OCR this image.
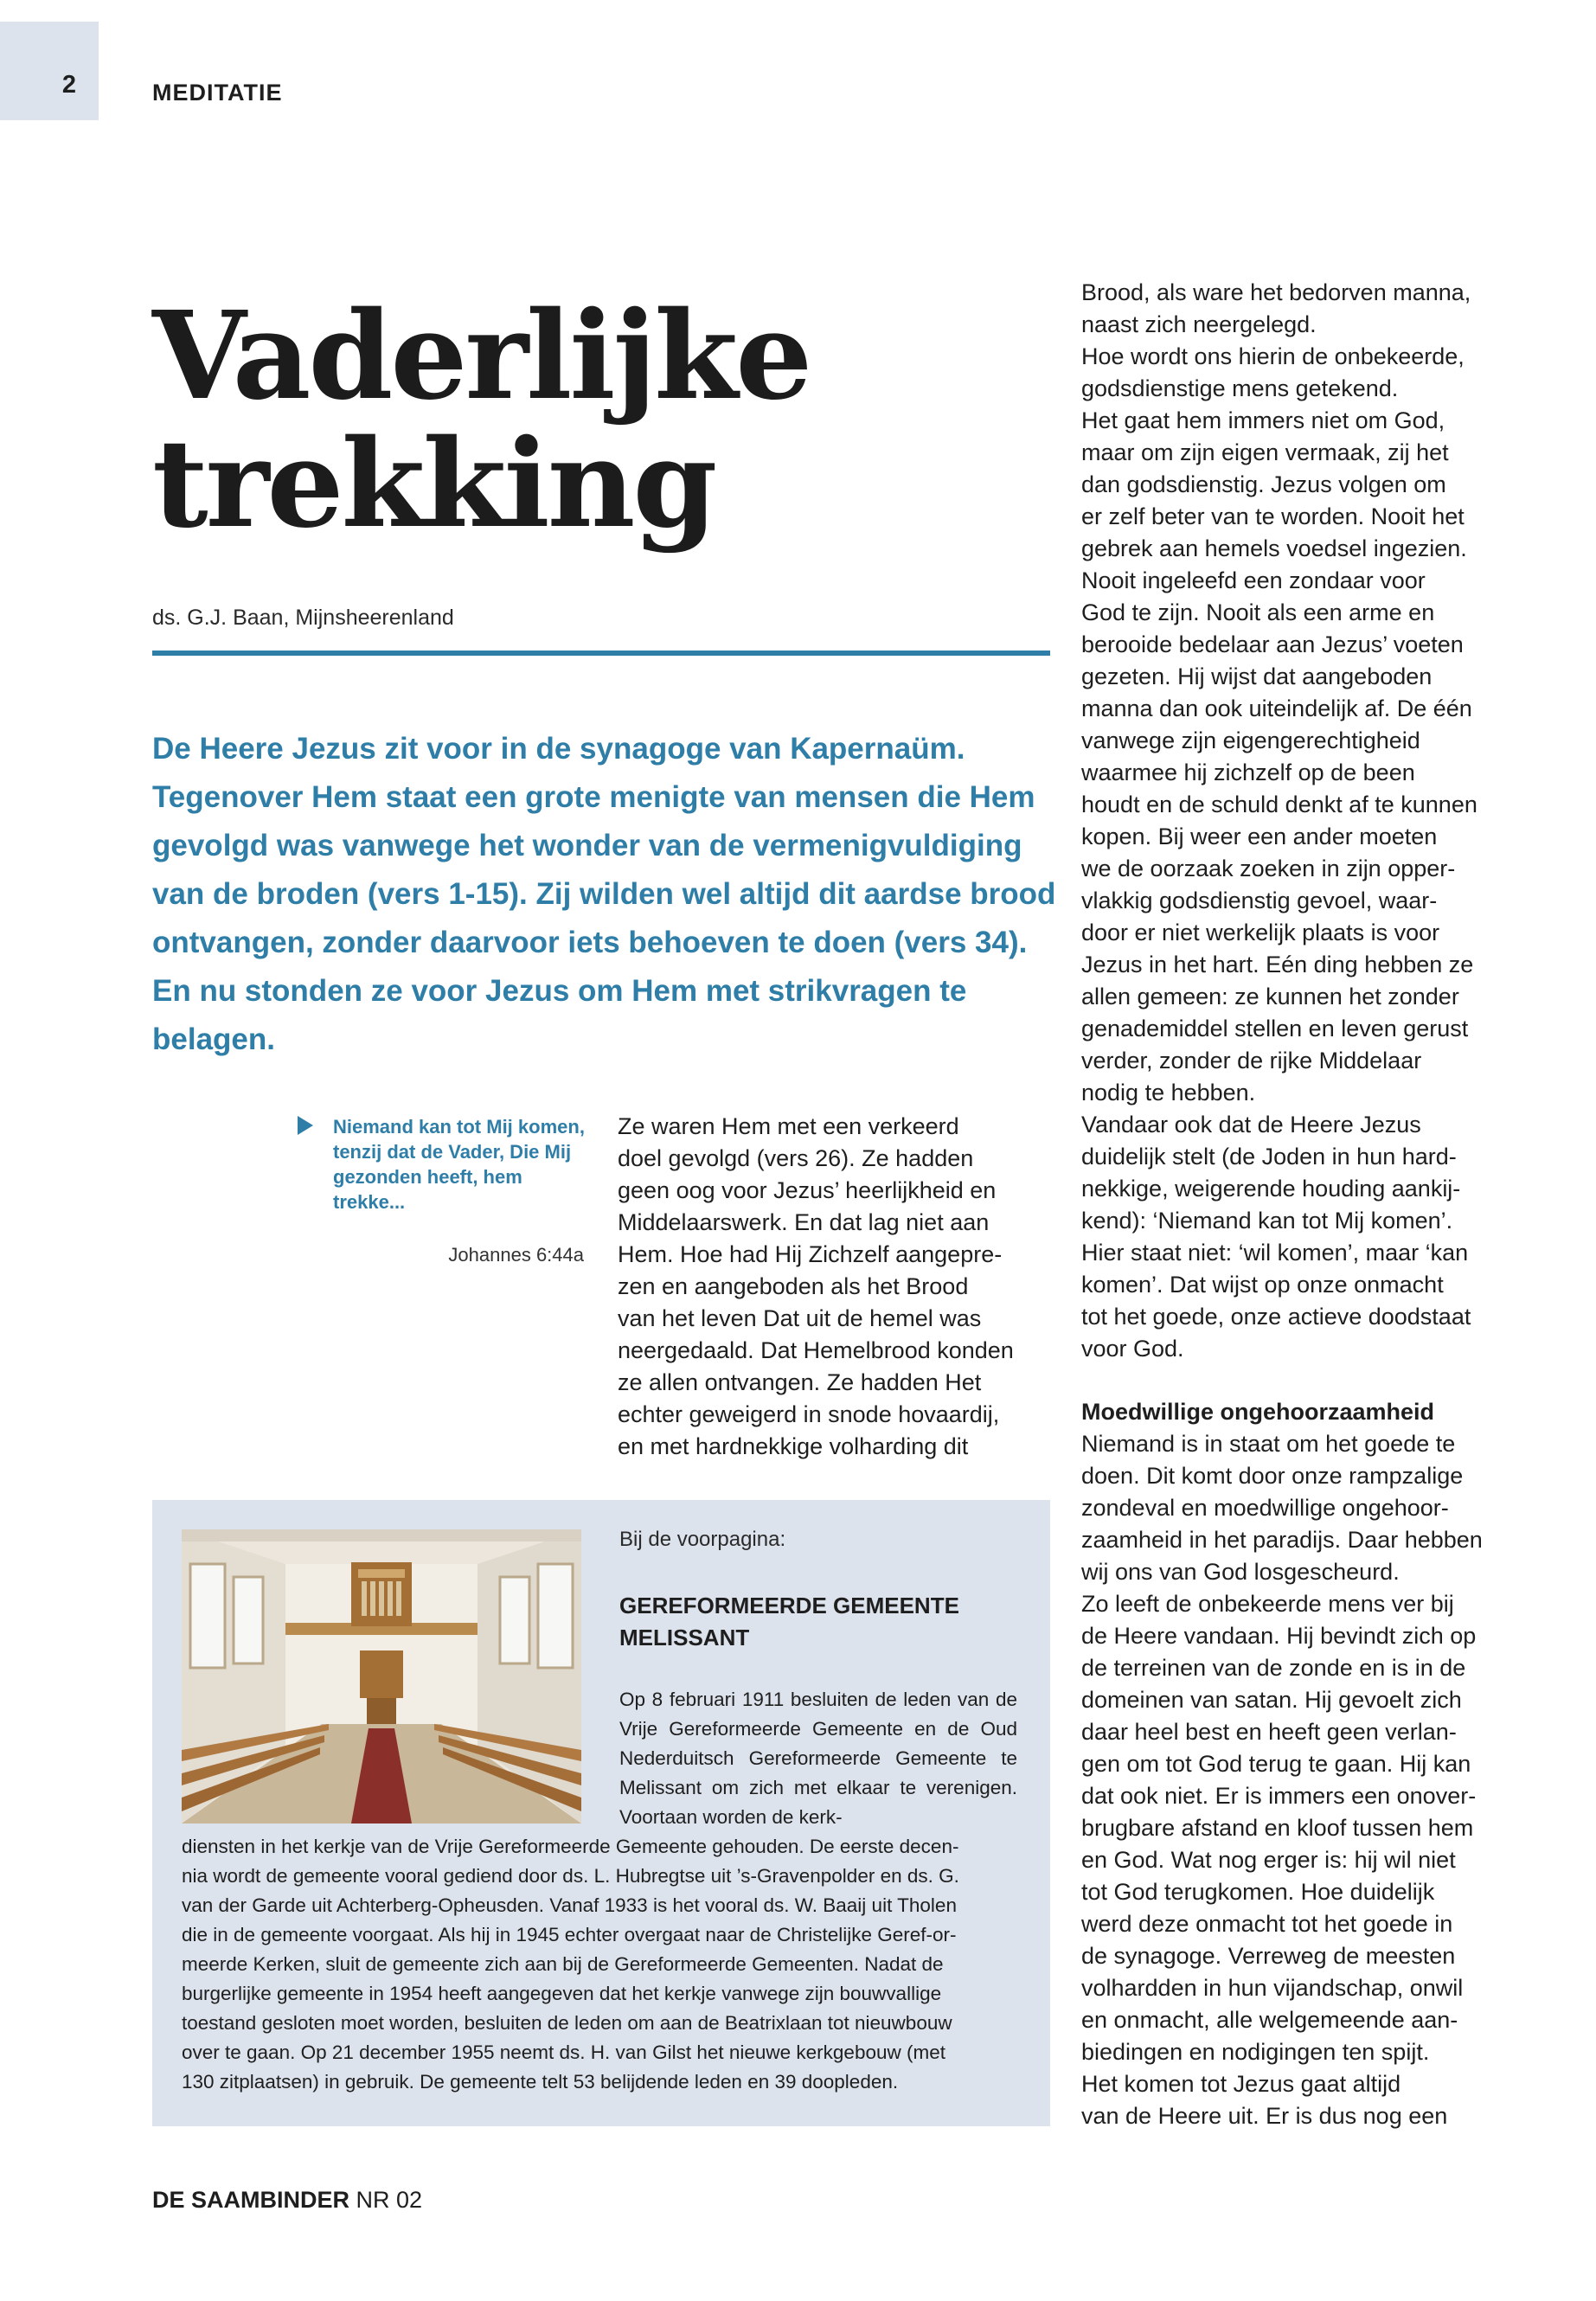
2	MEDITATIE
Vaderlijke
trekking
ds. G.J. Baan, Mijnsheerenland
De Heere Jezus zit voor in de synagoge van Kapernaüm. Tegenover Hem staat een grote menigte van mensen die Hem gevolgd was vanwege het wonder van de vermenigvuldiging van de broden (vers 1-15). Zij wilden wel altijd dit aardse brood ontvangen, zonder daarvoor iets behoeven te doen (vers 34). En nu stonden ze voor Jezus om Hem met strikvragen te belagen.
Niemand kan tot Mij komen, tenzij dat de Vader, Die Mij gezonden heeft, hem trekke...
Johannes 6:44a
Ze waren Hem met een verkeerd
doel gevolgd (vers 26). Ze hadden
geen oog voor Jezus’ heerlijkheid en
Middelaarswerk. En dat lag niet aan
Hem. Hoe had Hij Zichzelf aangepre-
zen en aangeboden als het Brood
van het leven Dat uit de hemel was
neergedaald. Dat Hemelbrood konden
ze allen ontvangen. Ze hadden Het
echter geweigerd in snode hovaardij,
en met hardnekkige volharding dit
Brood, als ware het bedorven manna,
naast zich neergelegd.
Hoe wordt ons hierin de onbekeerde,
godsdienstige mens getekend.
Het gaat hem immers niet om God,
maar om zijn eigen vermaak, zij het
dan godsdienstig. Jezus volgen om
er zelf beter van te worden. Nooit het
gebrek aan hemels voedsel ingezien.
Nooit ingeleefd een zondaar voor
God te zijn. Nooit als een arme en
berooide bedelaar aan Jezus’ voeten
gezeten. Hij wijst dat aangeboden
manna dan ook uiteindelijk af. De één
vanwege zijn eigengerechtigheid
waarmee hij zichzelf op de been
houdt en de schuld denkt af te kunnen
kopen. Bij weer een ander moeten
we de oorzaak zoeken in zijn opper-
vlakkig godsdienstig gevoel, waar-
door er niet werkelijk plaats is voor
Jezus in het hart. Eén ding hebben ze
allen gemeen: ze kunnen het zonder
genademiddel stellen en leven gerust
verder, zonder de rijke Middelaar
nodig te hebben.
Vandaar ook dat de Heere Jezus
duidelijk stelt (de Joden in hun hard-
nekkige, weigerende houding aankij-
kend): ‘Niemand kan tot Mij komen’.
Hier staat niet: ‘wil komen’, maar ‘kan
komen’. Dat wijst op onze onmacht
tot het goede, onze actieve doodstaat
voor God.
Moedwillige ongehoorzaamheid
Niemand is in staat om het goede te
doen. Dit komt door onze rampzalige
zondeval en moedwillige ongehoor-
zaamheid in het paradijs. Daar hebben
wij ons van God losgescheurd.
Zo leeft de onbekeerde mens ver bij
de Heere vandaan. Hij bevindt zich op
de terreinen van de zonde en is in de
domeinen van satan. Hij gevoelt zich
daar heel best en heeft geen verlan-
gen om tot God terug te gaan. Hij kan
dat ook niet. Er is immers een onover-
brugbare afstand en kloof tussen hem
en God. Wat nog erger is: hij wil niet
tot God terugkomen. Hoe duidelijk
werd deze onmacht tot het goede in
de synagoge. Verreweg de meesten
volhardden in hun vijandschap, onwil
en onmacht, alle welgemeende aan-
biedingen en nodigingen ten spijt.
Het komen tot Jezus gaat altijd
van de Heere uit. Er is dus nog een
Bij de voorpagina:
GEREFORMEERDE GEMEENTE MELISSANT
Op 8 februari 1911 besluiten de leden van de Vrije Gereformeerde Gemeente en de Oud Nederduitsch Gereformeerde Gemeente te Melissant om zich met elkaar te verenigen. Voortaan worden de kerk-
diensten in het kerkje van de Vrije Gereformeerde Gemeente gehouden. De eerste decen-
nia wordt de gemeente vooral gediend door ds. L. Hubregtse uit ’s-Gravenpolder en ds. G.
van der Garde uit Achterberg-Opheusden. Vanaf 1933 is het vooral ds. W. Baaij uit Tholen
die in de gemeente voorgaat. Als hij in 1945 echter overgaat naar de Christelijke Geref-or-
meerde Kerken, sluit de gemeente zich aan bij de Gereformeerde Gemeenten. Nadat de
burgerlijke gemeente in 1954 heeft aangegeven dat het kerkje vanwege zijn bouwvallige
toestand gesloten moet worden, besluiten de leden om aan de Beatrixlaan tot nieuwbouw
over te gaan. Op 21 december 1955 neemt ds. H. van Gilst het nieuwe kerkgebouw (met
130 zitplaatsen) in gebruik. De gemeente telt 53 belijdende leden en 39 doopleden.
DE SAAMBINDER NR 02
